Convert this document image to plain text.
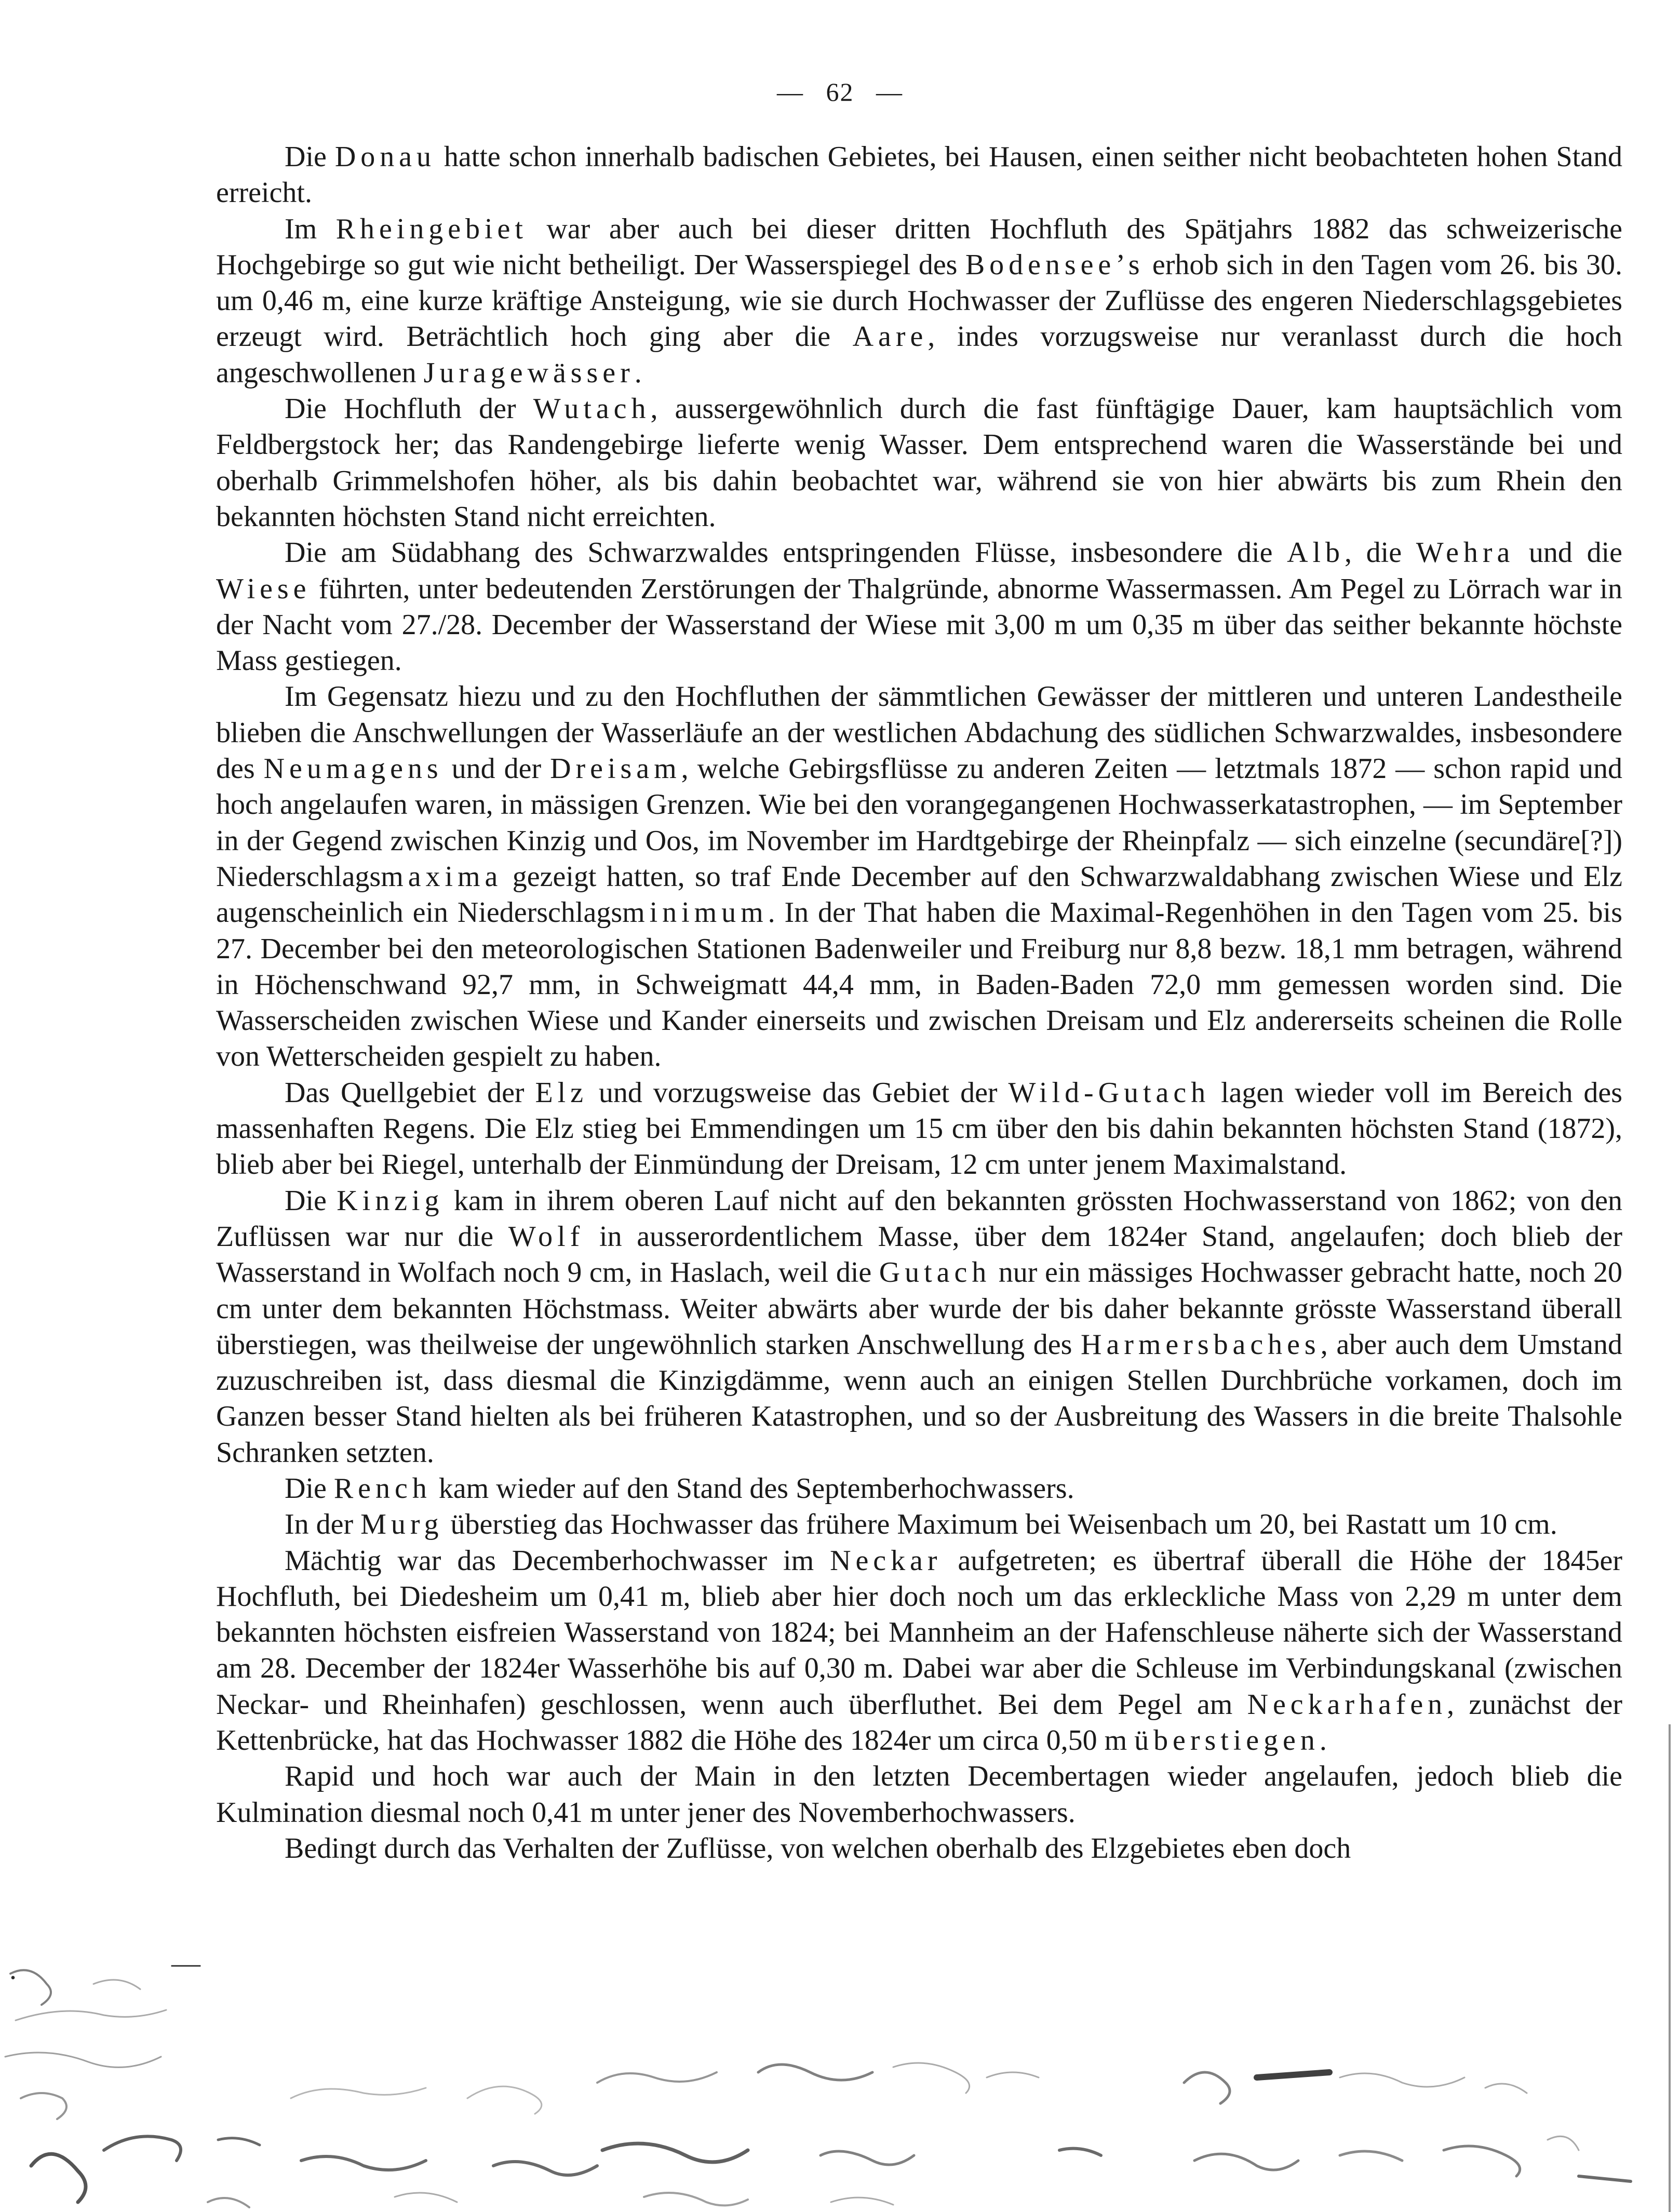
— 62 —

Die Donau hatte schon innerhalb badischen Gebietes, bei Hausen, einen seither nicht beobachteten hohen Stand erreicht.

Im Rheingebiet war aber auch bei dieser dritten Hochfluth des Spätjahrs 1882 das schweizerische Hochgebirge so gut wie nicht betheiligt. Der Wasserspiegel des Bodensee’s erhob sich in den Tagen vom 26. bis 30. um 0,46 m, eine kurze kräftige Ansteigung, wie sie durch Hochwasser der Zuflüsse des engeren Niederschlagsgebietes erzeugt wird. Beträchtlich hoch ging aber die Aare, indes vorzugsweise nur veranlasst durch die hoch angeschwollenen Juragewässer.

Die Hochfluth der Wutach, aussergewöhnlich durch die fast fünftägige Dauer, kam hauptsächlich vom Feldbergstock her; das Randengebirge lieferte wenig Wasser. Dem entsprechend waren die Wasserstände bei und oberhalb Grimmelshofen höher, als bis dahin beobachtet war, während sie von hier abwärts bis zum Rhein den bekannten höchsten Stand nicht erreichten.

Die am Südabhang des Schwarzwaldes entspringenden Flüsse, insbesondere die Alb, die Wehra und die Wiese führten, unter bedeutenden Zerstörungen der Thalgründe, abnorme Wassermassen. Am Pegel zu Lörrach war in der Nacht vom 27./28. December der Wasserstand der Wiese mit 3,00 m um 0,35 m über das seither bekannte höchste Mass gestiegen.

Im Gegensatz hiezu und zu den Hochfluthen der sämmtlichen Gewässer der mittleren und unteren Landestheile blieben die Anschwellungen der Wasserläufe an der westlichen Abdachung des südlichen Schwarzwaldes, insbesondere des Neumagens und der Dreisam, welche Gebirgsflüsse zu anderen Zeiten — letztmals 1872 — schon rapid und hoch angelaufen waren, in mässigen Grenzen. Wie bei den vorangegangenen Hochwasserkatastrophen, — im September in der Gegend zwischen Kinzig und Oos, im November im Hardtgebirge der Rheinpfalz — sich einzelne (secundäre[?]) Niederschlagsmaxima gezeigt hatten, so traf Ende December auf den Schwarzwaldabhang zwischen Wiese und Elz augenscheinlich ein Niederschlagsminimum. In der That haben die Maximal-Regenhöhen in den Tagen vom 25. bis 27. December bei den meteorologischen Stationen Badenweiler und Freiburg nur 8,8 bezw. 18,1 mm betragen, während in Höchenschwand 92,7 mm, in Schweigmatt 44,4 mm, in Baden-Baden 72,0 mm gemessen worden sind. Die Wasserscheiden zwischen Wiese und Kander einerseits und zwischen Dreisam und Elz andererseits scheinen die Rolle von Wetterscheiden gespielt zu haben.

Das Quellgebiet der Elz und vorzugsweise das Gebiet der Wild-Gutach lagen wieder voll im Bereich des massenhaften Regens. Die Elz stieg bei Emmendingen um 15 cm über den bis dahin bekannten höchsten Stand (1872), blieb aber bei Riegel, unterhalb der Einmündung der Dreisam, 12 cm unter jenem Maximalstand.

Die Kinzig kam in ihrem oberen Lauf nicht auf den bekannten grössten Hochwasserstand von 1862; von den Zuflüssen war nur die Wolf in ausserordentlichem Masse, über dem 1824er Stand, angelaufen; doch blieb der Wasserstand in Wolfach noch 9 cm, in Haslach, weil die Gutach nur ein mässiges Hochwasser gebracht hatte, noch 20 cm unter dem bekannten Höchstmass. Weiter abwärts aber wurde der bis daher bekannte grösste Wasserstand überall überstiegen, was theilweise der ungewöhnlich starken Anschwellung des Harmersbaches, aber auch dem Umstand zuzuschreiben ist, dass diesmal die Kinzigdämme, wenn auch an einigen Stellen Durchbrüche vorkamen, doch im Ganzen besser Stand hielten als bei früheren Katastrophen, und so der Ausbreitung des Wassers in die breite Thalsohle Schranken setzten.

Die Rench kam wieder auf den Stand des Septemberhochwassers.

In der Murg überstieg das Hochwasser das frühere Maximum bei Weisenbach um 20, bei Rastatt um 10 cm.

Mächtig war das Decemberhochwasser im Neckar aufgetreten; es übertraf überall die Höhe der 1845er Hochfluth, bei Diedesheim um 0,41 m, blieb aber hier doch noch um das erkleckliche Mass von 2,29 m unter dem bekannten höchsten eisfreien Wasserstand von 1824; bei Mannheim an der Hafenschleuse näherte sich der Wasserstand am 28. December der 1824er Wasserhöhe bis auf 0,30 m. Dabei war aber die Schleuse im Verbindungskanal (zwischen Neckar- und Rheinhafen) geschlossen, wenn auch überfluthet. Bei dem Pegel am Neckarhafen, zunächst der Kettenbrücke, hat das Hochwasser 1882 die Höhe des 1824er um circa 0,50 m überstiegen.

Rapid und hoch war auch der Main in den letzten Decembertagen wieder angelaufen, jedoch blieb die Kulmination diesmal noch 0,41 m unter jener des Novemberhochwassers.

Bedingt durch das Verhalten der Zuflüsse, von welchen oberhalb des Elzgebietes eben doch

.	—
